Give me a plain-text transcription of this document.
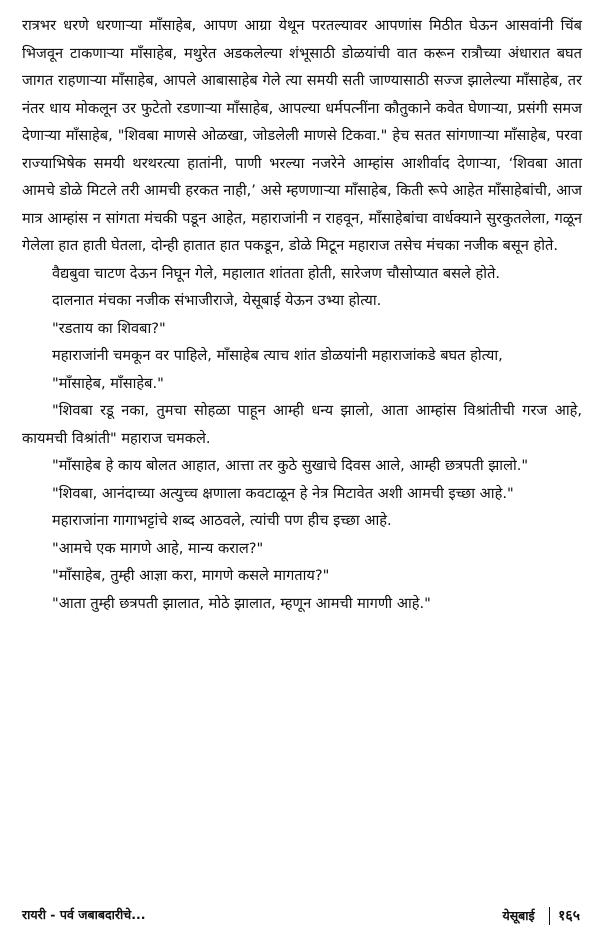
रात्रभर धरणे धरणाऱ्या माँसाहेब, आपण आग्रा येथून परतल्यावर आपणांस मिठीत घेऊन आसवांनी चिंब भिजवून टाकणाऱ्या माँसाहेब, मथुरेत अडकलेल्या शंभूसाठी डोळयांची वात करून रात्रौच्या अंधारात बघत जागत राहणाऱ्या माँसाहेब, आपले आबासाहेब गेले त्या समयी सती जाण्यासाठी सज्ज झालेल्या माँसाहेब, तर नंतर धाय मोकलून उर फुटेतो रडणाऱ्या माँसाहेब, आपल्या धर्मपत्नींना कौतुकाने कवेत घेणाऱ्या, प्रसंगी समज देणाऱ्या माँसाहेब, "शिवबा माणसे ओळखा, जोडलेली माणसे टिकवा." हेच सतत सांगणाऱ्या माँसाहेब, परवा राज्याभिषेक समयी थरथरत्या हातांनी, पाणी भरल्या नजरेने आम्हांस आशीर्वाद देणाऱ्या, ‘शिवबा आता आमचे डोळे मिटले तरी आमची हरकत नाही,’ असे म्हणणाऱ्या माँसाहेब, किती रूपे आहेत माँसाहेबांची, आज मात्र आम्हांस न सांगता मंचकी पडून आहेत, महाराजांनी न राहवून, माँसाहेबांचा वार्धक्याने सुरकुतलेला, गळून गेलेला हात हाती घेतला, दोन्ही हातात हात पकडून, डोळे मिटून महाराज तसेच मंचका नजीक बसून होते.

वैद्यबुवा चाटण देऊन निघून गेले, महालात शांतता होती, सारेजण चौसोप्यात बसले होते.

दालनात मंचका नजीक संभाजीराजे, येसूबाई येऊन उभ्या होत्या.

"रडताय का शिवबा?"

महाराजांनी चमकून वर पाहिले, माँसाहेब त्याच शांत डोळयांनी महाराजांकडे बघत होत्या,

"माँसाहेब, माँसाहेब."

"शिवबा रडू नका, तुमचा सोहळा पाहून आम्ही धन्य झालो, आता आम्हांस विश्रांतीची गरज आहे, कायमची विश्रांती" महाराज चमकले.

"माँसाहेब हे काय बोलत आहात, आत्ता तर कुठे सुखाचे दिवस आले, आम्ही छत्रपती झालो."

"शिवबा, आनंदाच्या अत्युच्च क्षणाला कवटाळून हे नेत्र मिटावेत अशी आमची इच्छा आहे."

महाराजांना गागाभट्टांचे शब्द आठवले, त्यांची पण हीच इच्छा आहे.

"आमचे एक मागणे आहे, मान्य कराल?"

"माँसाहेब, तुम्ही आज्ञा करा, मागणे कसले मागताय?"

"आता तुम्ही छत्रपती झालात, मोठे झालात, म्हणून आमची मागणी आहे."

रायरी - पर्व जबाबदारीचे...	येसूबाई १६५
